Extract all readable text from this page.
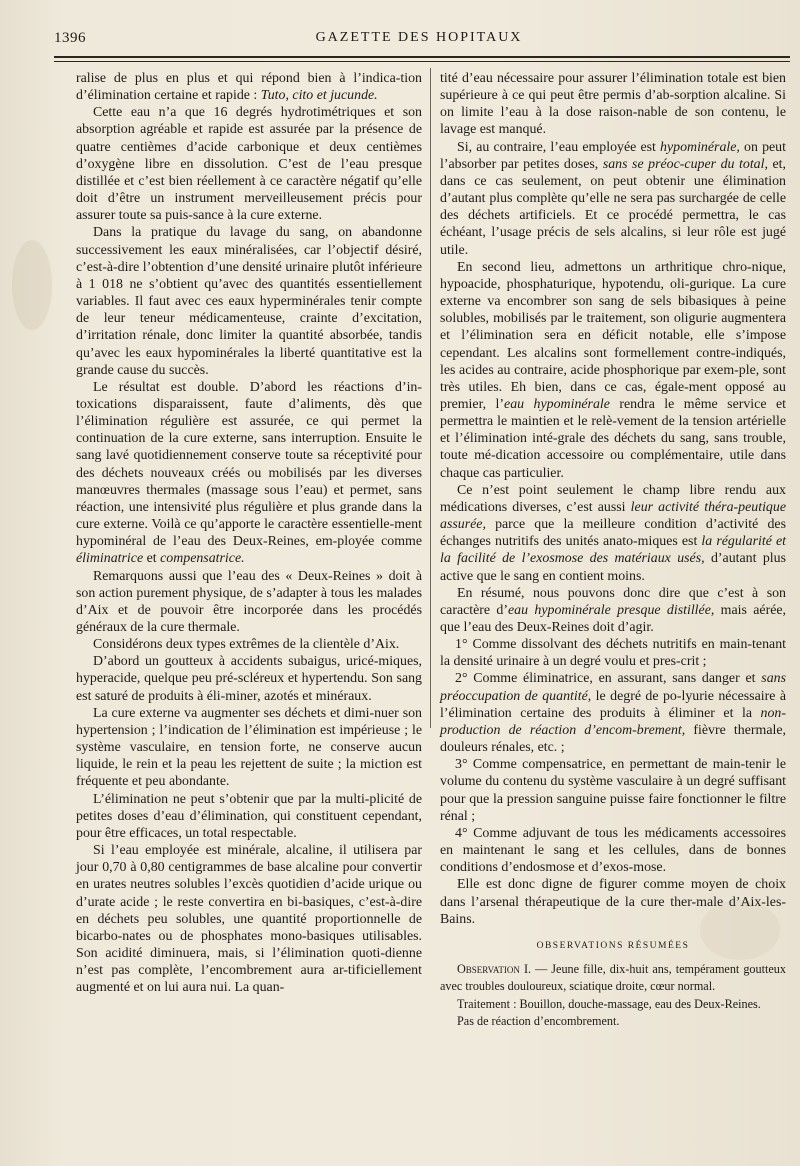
1396	GAZETTE DES HOPITAUX

ralise de plus en plus et qui répond bien à l’indica-tion d’élimination certaine et rapide : Tuto, cito et jucunde.

Cette eau n’a que 16 degrés hydrotimétriques et son absorption agréable et rapide est assurée par la présence de quatre centièmes d’acide carbonique et deux centièmes d’oxygène libre en dissolution. C’est de l’eau presque distillée et c’est bien réellement à ce caractère négatif qu’elle doit d’être un instrument merveilleusement précis pour assurer toute sa puis-sance à la cure externe.

Dans la pratique du lavage du sang, on abandonne successivement les eaux minéralisées, car l’objectif désiré, c’est-à-dire l’obtention d’une densité urinaire plutôt inférieure à 1 018 ne s’obtient qu’avec des quantités essentiellement variables. Il faut avec ces eaux hyperminérales tenir compte de leur teneur médicamenteuse, crainte d’excitation, d’irritation rénale, donc limiter la quantité absorbée, tandis qu’avec les eaux hypominérales la liberté quantitative est la grande cause du succès.

Le résultat est double. D’abord les réactions d’in-toxications disparaissent, faute d’aliments, dès que l’élimination régulière est assurée, ce qui permet la continuation de la cure externe, sans interruption. Ensuite le sang lavé quotidiennement conserve toute sa réceptivité pour des déchets nouveaux créés ou mobilisés par les diverses manœuvres thermales (massage sous l’eau) et permet, sans réaction, une intensivité plus régulière et plus grande dans la cure externe. Voilà ce qu’apporte le caractère essentielle-ment hypominéral de l’eau des Deux-Reines, em-ployée comme éliminatrice et compensatrice.

Remarquons aussi que l’eau des « Deux-Reines » doit à son action purement physique, de s’adapter à tous les malades d’Aix et de pouvoir être incorporée dans les procédés généraux de la cure thermale.

Considérons deux types extrêmes de la clientèle d’Aix.

D’abord un goutteux à accidents subaigus, uricé-miques, hyperacide, quelque peu pré-scléreux et hypertendu. Son sang est saturé de produits à éli-miner, azotés et minéraux.

La cure externe va augmenter ses déchets et dimi-nuer son hypertension ; l’indication de l’élimination est impérieuse ; le système vasculaire, en tension forte, ne conserve aucun liquide, le rein et la peau les rejettent de suite ; la miction est fréquente et peu abondante.

L’élimination ne peut s’obtenir que par la multi-plicité de petites doses d’eau d’élimination, qui constituent cependant, pour être efficaces, un total respectable.

Si l’eau employée est minérale, alcaline, il utilisera par jour 0,70 à 0,80 centigrammes de base alcaline pour convertir en urates neutres solubles l’excès quotidien d’acide urique ou d’urate acide ; le reste convertira en bi-basiques, c’est-à-dire en déchets peu solubles, une quantité proportionnelle de bicarbo-nates ou de phosphates mono-basiques utilisables. Son acidité diminuera, mais, si l’élimination quoti-dienne n’est pas complète, l’encombrement aura ar-tificiellement augmenté et on lui aura nui. La quan-

tité d’eau nécessaire pour assurer l’élimination totale est bien supérieure à ce qui peut être permis d’ab-sorption alcaline. Si on limite l’eau à la dose raison-nable de son contenu, le lavage est manqué.

Si, au contraire, l’eau employée est hypominérale, on peut l’absorber par petites doses, sans se préoc-cuper du total, et, dans ce cas seulement, on peut obtenir une élimination d’autant plus complète qu’elle ne sera pas surchargée de celle des déchets artificiels. Et ce procédé permettra, le cas échéant, l’usage précis de sels alcalins, si leur rôle est jugé utile.

En second lieu, admettons un arthritique chro-nique, hypoacide, phosphaturique, hypotendu, oli-gurique. La cure externe va encombrer son sang de sels bibasiques à peine solubles, mobilisés par le traitement, son oligurie augmentera et l’élimination sera en déficit notable, elle s’impose cependant. Les alcalins sont formellement contre-indiqués, les acides au contraire, acide phosphorique par exem-ple, sont très utiles. Eh bien, dans ce cas, égale-ment opposé au premier, l’eau hypominérale rendra le même service et permettra le maintien et le relè-vement de la tension artérielle et l’élimination inté-grale des déchets du sang, sans trouble, toute mé-dication accessoire ou complémentaire, utile dans chaque cas particulier.

Ce n’est point seulement le champ libre rendu aux médications diverses, c’est aussi leur activité théra-peutique assurée, parce que la meilleure condition d’activité des échanges nutritifs des unités anato-miques est la régularité et la facilité de l’exosmose des matériaux usés, d’autant plus active que le sang en contient moins.

En résumé, nous pouvons donc dire que c’est à son caractère d’eau hypominérale presque distillée, mais aérée, que l’eau des Deux-Reines doit d’agir.

1° Comme dissolvant des déchets nutritifs en main-tenant la densité urinaire à un degré voulu et pres-crit ;

2° Comme éliminatrice, en assurant, sans danger et sans préoccupation de quantité, le degré de po-lyurie nécessaire à l’élimination certaine des produits à éliminer et la non-production de réaction d’encom-brement, fièvre thermale, douleurs rénales, etc. ;

3° Comme compensatrice, en permettant de main-tenir le volume du contenu du système vasculaire à un degré suffisant pour que la pression sanguine puisse faire fonctionner le filtre rénal ;

4° Comme adjuvant de tous les médicaments accessoires en maintenant le sang et les cellules, dans de bonnes conditions d’endosmose et d’exos-mose.

Elle est donc digne de figurer comme moyen de choix dans l’arsenal thérapeutique de la cure ther-male d’Aix-les-Bains.

OBSERVATIONS RÉSUMÉES

Observation I. — Jeune fille, dix-huit ans, tempérament goutteux avec troubles douloureux, sciatique droite, cœur normal.

Traitement : Bouillon, douche-massage, eau des Deux-Reines.

Pas de réaction d’encombrement.
